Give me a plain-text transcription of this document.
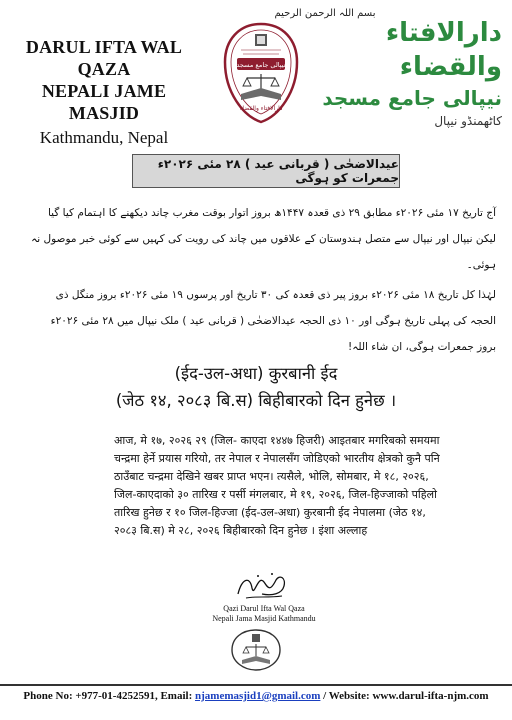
DARUL IFTA WAL QAZA
NEPALI JAME MASJID
Kathmandu, Nepal
بسم اللہ الرحمن الرحیم
نیپالی جامع مسجد
دارالافتاء والقضاء
دارالافتاء والقضاء
نیپالی جامع مسجد
کاٹھمنڈو نیپال
عیدالاضحٰی ( قربانی عید ) ۲۸ مئی ۲۰۲۶ء جمعرات کو ہوگی
آج تاریخ ۱۷ مئی ۲۰۲۶ء مطابق ۲۹ ذی قعدہ ۱۴۴۷ھ بروز اتوار بوقت مغرب چاند دیکھنے کا اہتمام کیا گیا لیکن نیپال اور نیپال سے متصل ہندوستان کے علاقوں میں چاند کی رویت کی کہیں سے کوئی خبر موصول نہ ہوئی۔
لہٰذا کل تاریخ ۱۸ مئی ۲۰۲۶ء بروز پیر ذی قعدہ کی ۳۰ تاریخ اور پرسوں ۱۹ مئی ۲۰۲۶ء بروز منگل ذی الحجہ کی پہلی تاریخ ہوگی اور ۱۰ ذی الحجہ عیدالاضحٰی ( قربانی عید ) ملک نیپال میں ۲۸ مئی ۲۰۲۶ء بروز جمعرات ہوگی، ان شاء اللہ!
(ईद-उल-अधा) कुरबानी ईद
(जेठ १४, २०८३ बि.स) बिहीबारको दिन हुनेछ ।
आज, मे १७, २०२६ २९ (जिल- काएदा १४४७ हिजरी) आइतबार मगरिबको समयमा चन्द्रमा हेर्ने प्रयास गरियो, तर नेपाल र नेपालसँग जोडिएको भारतीय क्षेत्रको कुनै पनि ठाउँबाट चन्द्रमा देखिने खबर प्राप्त भएन। त्यसैले, भोलि, सोमबार, मे १८, २०२६, जिल-काएदाको ३० तारिख र पर्सी मंगलबार, मे १९, २०२६, जिल-हिज्जाको पहिलो तारिख हुनेछ र १० जिल-हिज्जा (ईद-उल-अधा) कुरबानी ईद नेपालमा (जेठ १४, २०८३ बि.स) मे २८, २०२६ बिहीबारको दिन हुनेछ । इंशा अल्लाह
Qazi Darul Ifta Wal Qaza
Nepali Jama Masjid Kathmandu
Phone No: +977-01-4252591, Email: njamemasjid1@gmail.com / Website: www.darul-ifta-njm.com
